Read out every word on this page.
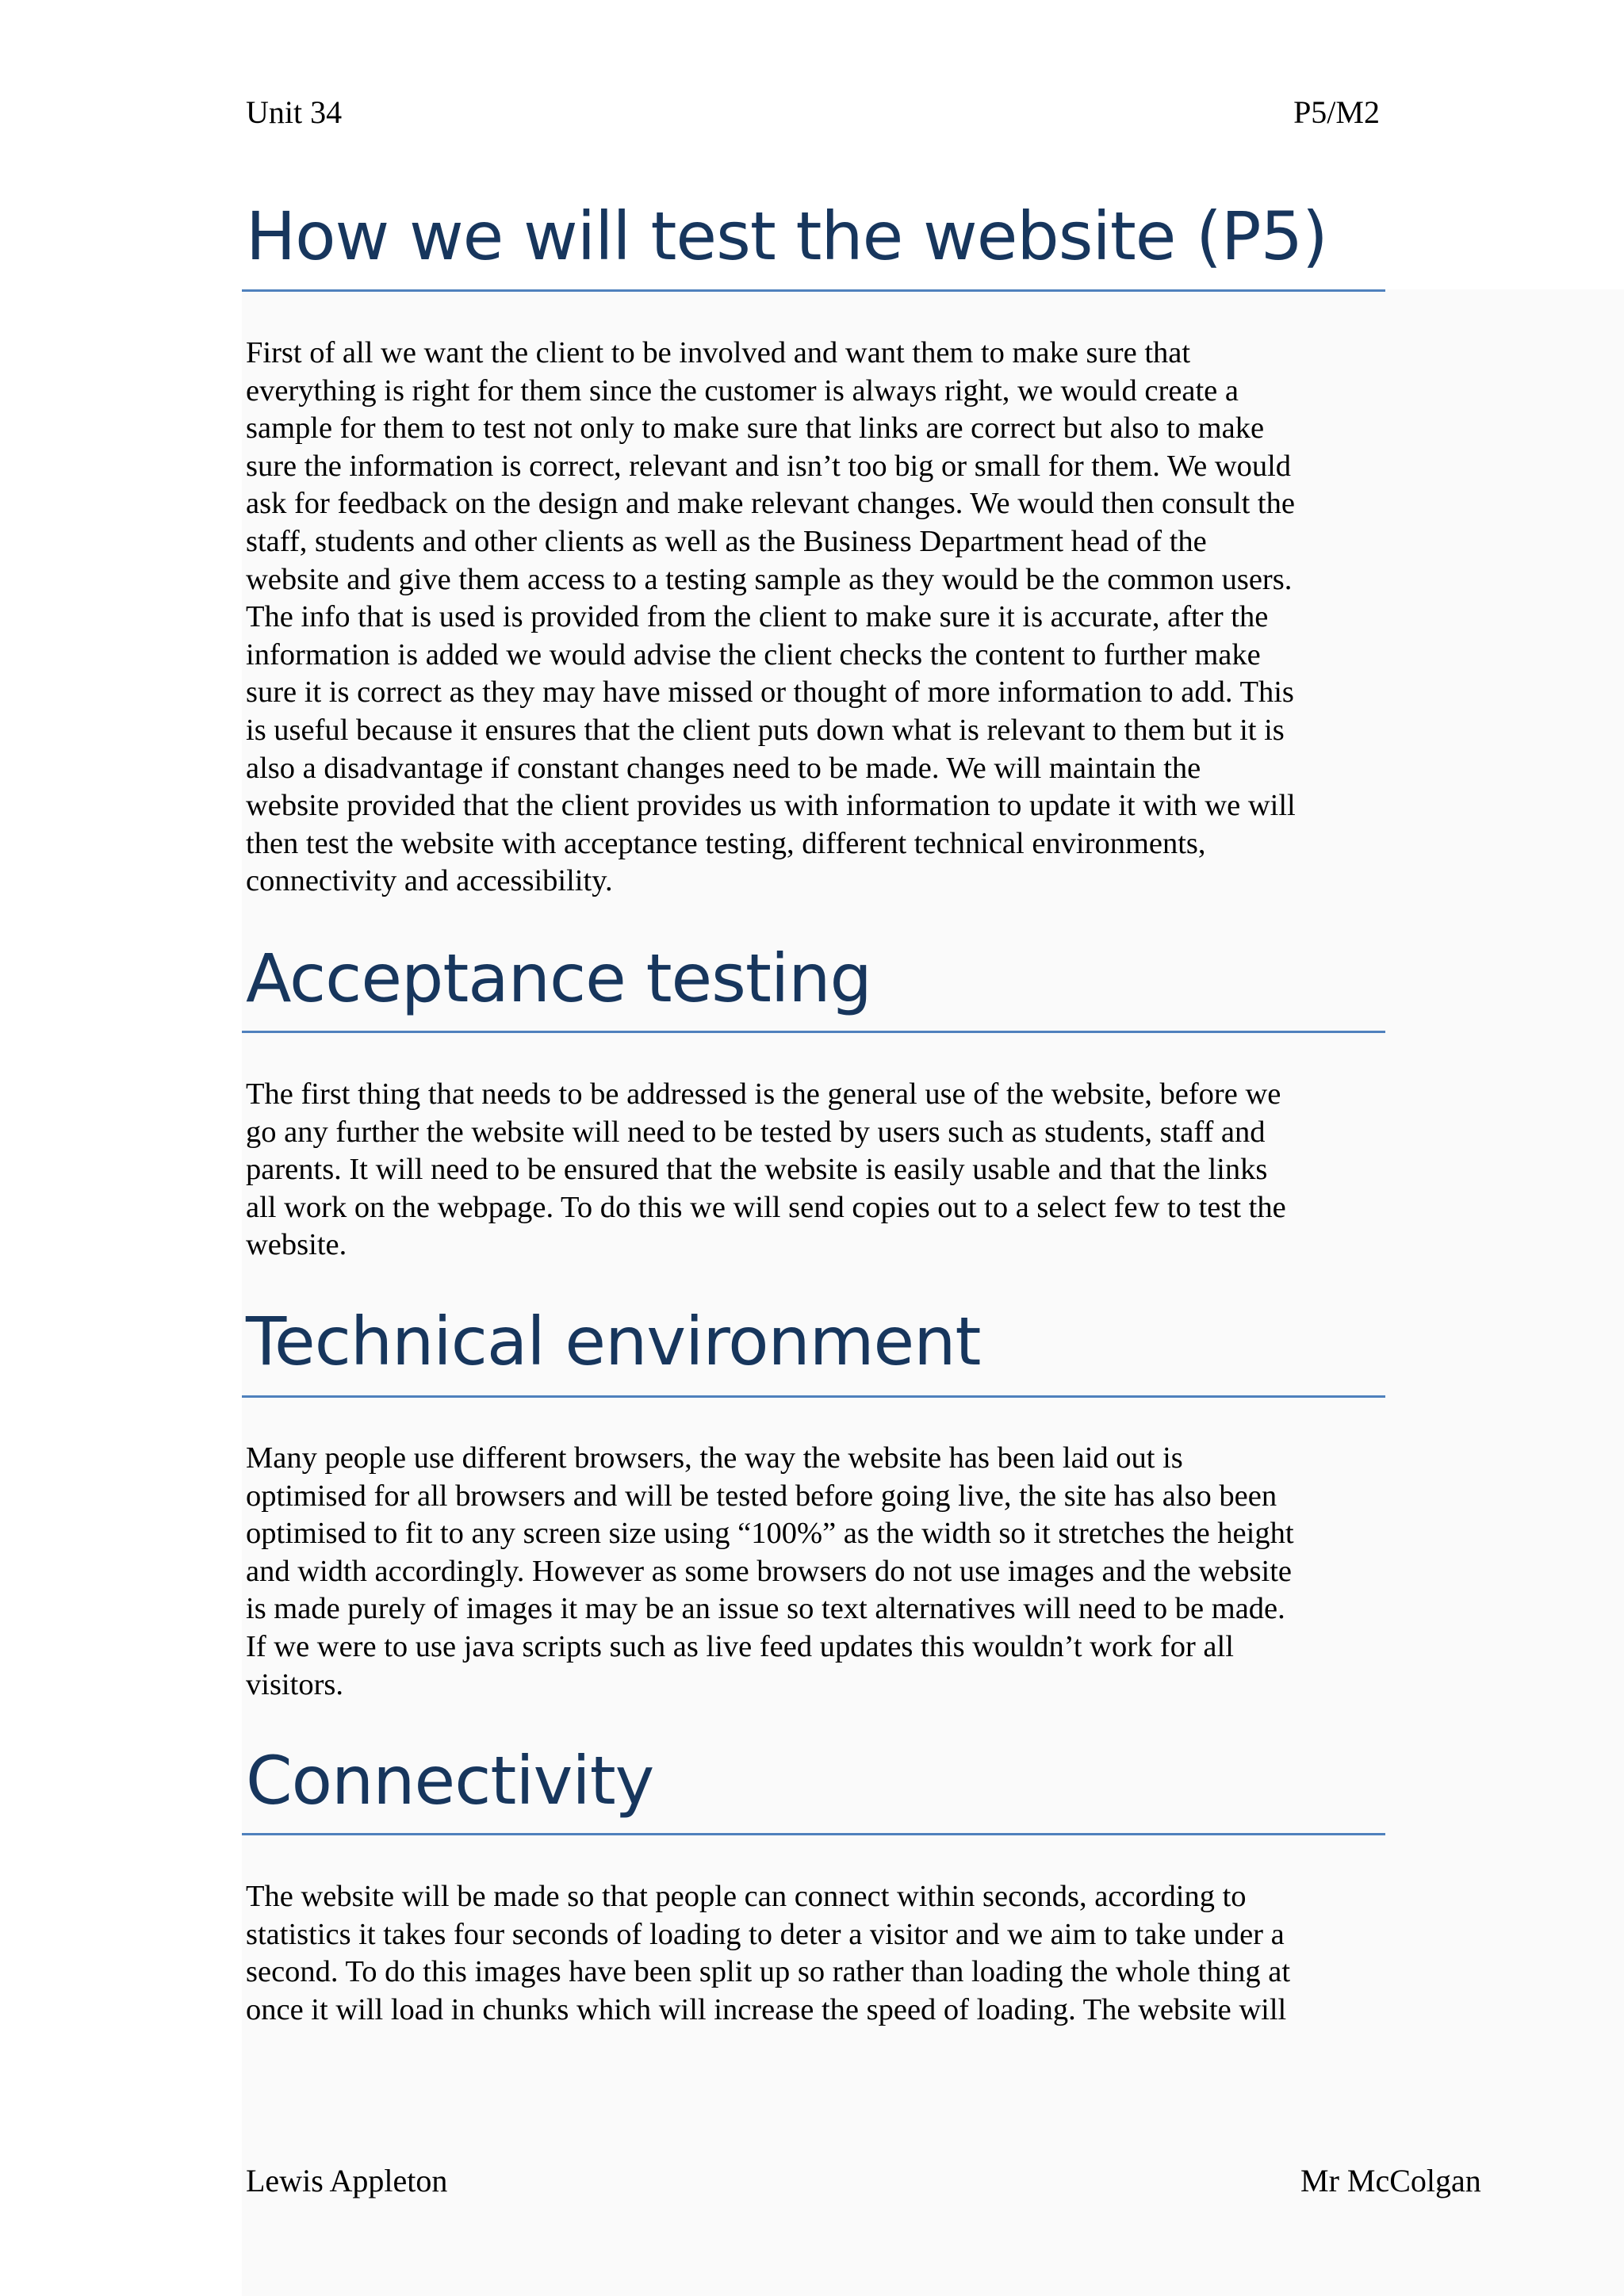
Unit 34	P5/M2
How we will test the website (P5)

First of all we want the client to be involved and want them to make sure that
everything is right for them since the customer is always right, we would create a
sample for them to test not only to make sure that links are correct but also to make
sure the information is correct, relevant and isn’t too big or small for them. We would
ask for feedback on the design and make relevant changes. We would then consult the
staff, students and other clients as well as the Business Department head of the
website and give them access to a testing sample as they would be the common users.
The info that is used is provided from the client to make sure it is accurate, after the
information is added we would advise the client checks the content to further make
sure it is correct as they may have missed or thought of more information to add. This
is useful because it ensures that the client puts down what is relevant to them but it is
also a disadvantage if constant changes need to be made. We will maintain the
website provided that the client provides us with information to update it with we will
then test the website with acceptance testing, different technical environments,
connectivity and accessibility.

Acceptance testing

The first thing that needs to be addressed is the general use of the website, before we
go any further the website will need to be tested by users such as students, staff and
parents. It will need to be ensured that the website is easily usable and that the links
all work on the webpage. To do this we will send copies out to a select few to test the
website.

Technical environment

Many people use different browsers, the way the website has been laid out is
optimised for all browsers and will be tested before going live, the site has also been
optimised to fit to any screen size using “100%” as the width so it stretches the height
and width accordingly. However as some browsers do not use images and the website
is made purely of images it may be an issue so text alternatives will need to be made.
If we were to use java scripts such as live feed updates this wouldn’t work for all
visitors.

Connectivity

The website will be made so that people can connect within seconds, according to
statistics it takes four seconds of loading to deter a visitor and we aim to take under a
second. To do this images have been split up so rather than loading the whole thing at
once it will load in chunks which will increase the speed of loading. The website will

Lewis Appleton	Mr McColgan
